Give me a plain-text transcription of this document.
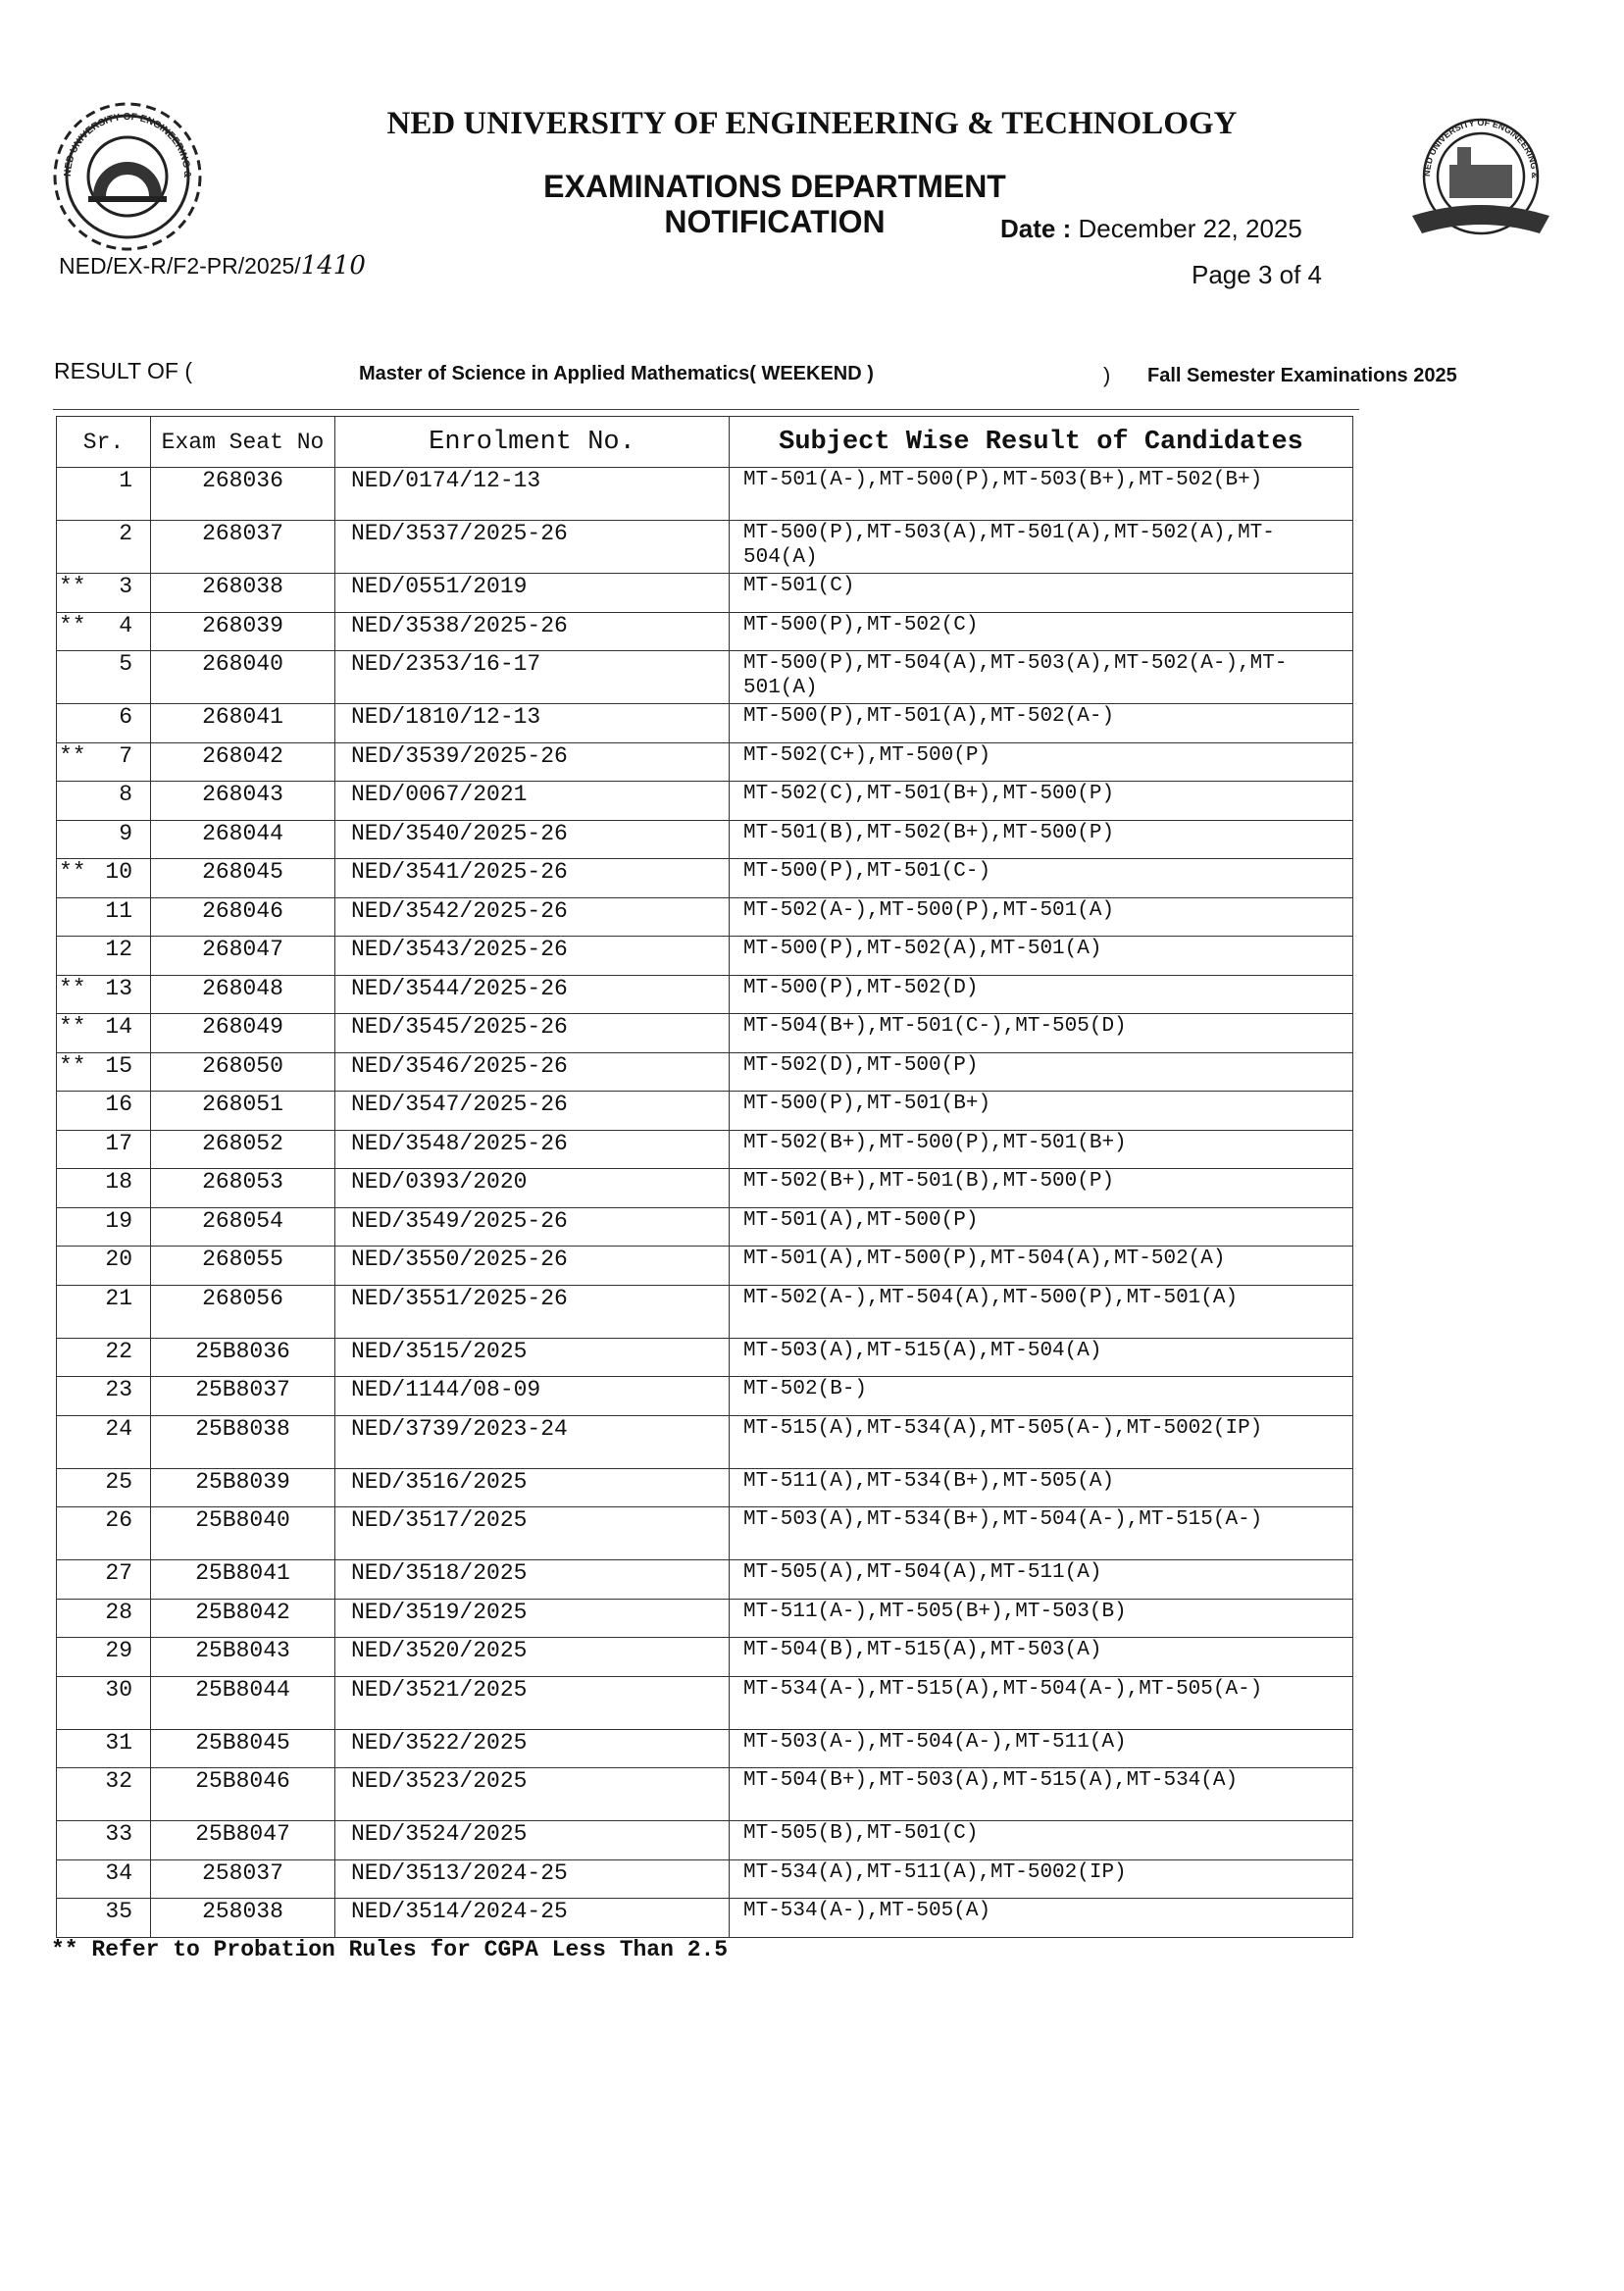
NED UNIVERSITY OF ENGINEERING &	NED UNIVERSITY OF ENGINEERING &
NED UNIVERSITY OF ENGINEERING & TECHNOLOGY
EXAMINATIONS DEPARTMENT
NOTIFICATION	Date : December 22, 2025
Page 3 of 4
NED/EX-R/F2-PR/2025/1410
RESULT OF (	Master of Science in Applied Mathematics( WEEKEND )	) Fall Semester Examinations 2025
Sr.	Exam Seat No	Enrolment No.	Subject Wise Result of Candidates

1	268036	NED/0174/12-13	MT-501(A-),MT-500(P),MT-503(B+),MT-502(B+)

2	268037	NED/3537/2025-26	MT-500(P),MT-503(A),MT-501(A),MT-502(A),MT-504(A)

** 3	268038	NED/0551/2019	MT-501(C)

** 4	268039	NED/3538/2025-26	MT-500(P),MT-502(C)

5	268040	NED/2353/16-17	MT-500(P),MT-504(A),MT-503(A),MT-502(A-),MT-501(A)

6	268041	NED/1810/12-13	MT-500(P),MT-501(A),MT-502(A-)

** 7	268042	NED/3539/2025-26	MT-502(C+),MT-500(P)

8	268043	NED/0067/2021	MT-502(C),MT-501(B+),MT-500(P)

9	268044	NED/3540/2025-26	MT-501(B),MT-502(B+),MT-500(P)

** 10	268045	NED/3541/2025-26	MT-500(P),MT-501(C-)

11	268046	NED/3542/2025-26	MT-502(A-),MT-500(P),MT-501(A)

12	268047	NED/3543/2025-26	MT-500(P),MT-502(A),MT-501(A)

** 13	268048	NED/3544/2025-26	MT-500(P),MT-502(D)

** 14	268049	NED/3545/2025-26	MT-504(B+),MT-501(C-),MT-505(D)

** 15	268050	NED/3546/2025-26	MT-502(D),MT-500(P)

16	268051	NED/3547/2025-26	MT-500(P),MT-501(B+)

17	268052	NED/3548/2025-26	MT-502(B+),MT-500(P),MT-501(B+)

18	268053	NED/0393/2020	MT-502(B+),MT-501(B),MT-500(P)

19	268054	NED/3549/2025-26	MT-501(A),MT-500(P)

20	268055	NED/3550/2025-26	MT-501(A),MT-500(P),MT-504(A),MT-502(A)

21	268056	NED/3551/2025-26	MT-502(A-),MT-504(A),MT-500(P),MT-501(A)

22	25B8036	NED/3515/2025	MT-503(A),MT-515(A),MT-504(A)

23	25B8037	NED/1144/08-09	MT-502(B-)

24	25B8038	NED/3739/2023-24	MT-515(A),MT-534(A),MT-505(A-),MT-5002(IP)

25	25B8039	NED/3516/2025	MT-511(A),MT-534(B+),MT-505(A)

26	25B8040	NED/3517/2025	MT-503(A),MT-534(B+),MT-504(A-),MT-515(A-)

27	25B8041	NED/3518/2025	MT-505(A),MT-504(A),MT-511(A)

28	25B8042	NED/3519/2025	MT-511(A-),MT-505(B+),MT-503(B)

29	25B8043	NED/3520/2025	MT-504(B),MT-515(A),MT-503(A)

30	25B8044	NED/3521/2025	MT-534(A-),MT-515(A),MT-504(A-),MT-505(A-)

31	25B8045	NED/3522/2025	MT-503(A-),MT-504(A-),MT-511(A)

32	25B8046	NED/3523/2025	MT-504(B+),MT-503(A),MT-515(A),MT-534(A)

33	25B8047	NED/3524/2025	MT-505(B),MT-501(C)

34	258037	NED/3513/2024-25	MT-534(A),MT-511(A),MT-5002(IP)

35	258038	NED/3514/2024-25	MT-534(A-),MT-505(A)
** Refer to Probation Rules for CGPA Less Than 2.5
